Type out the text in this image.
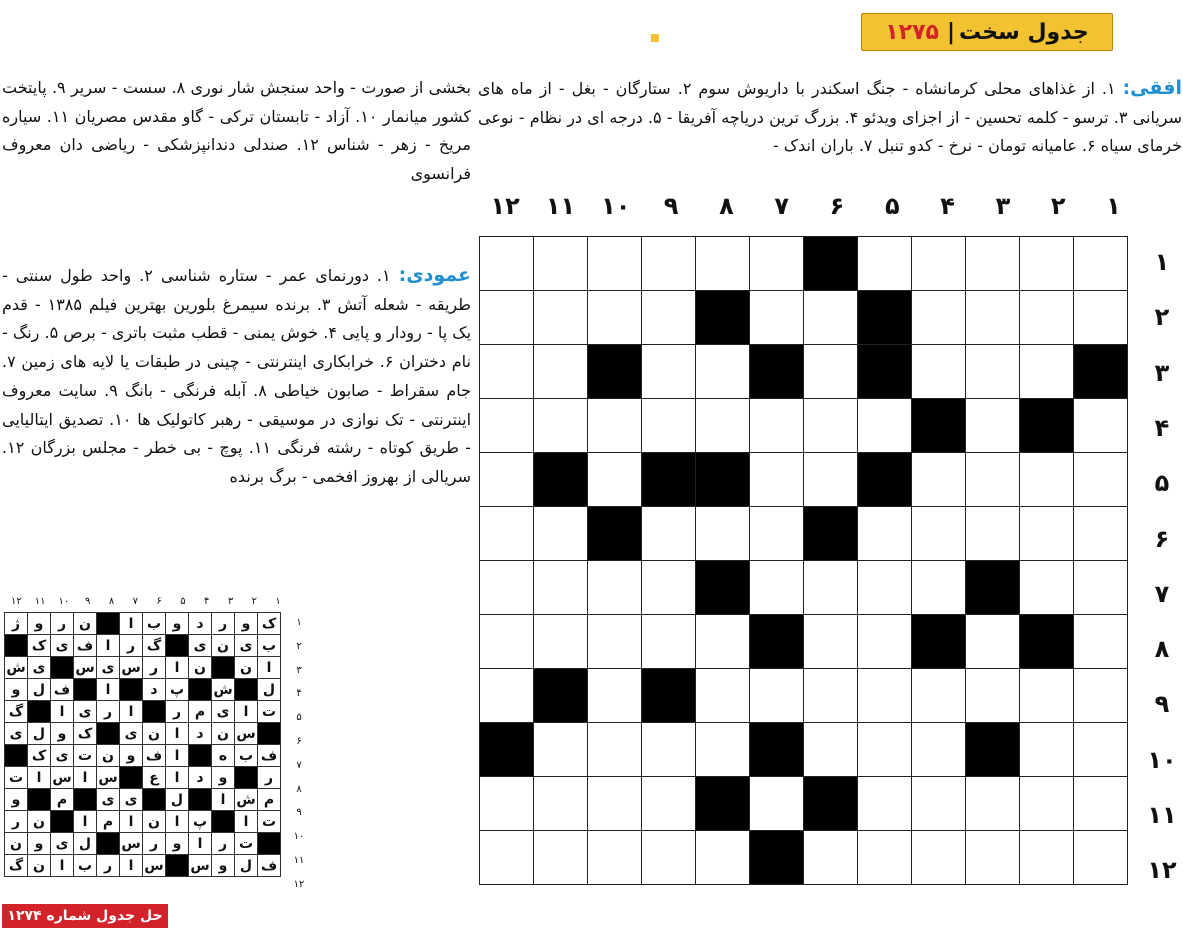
جدول سخت
|
۱۲۷۵
افقی: ۱. از غذاهای محلی کرمانشاه - جنگ اسکندر با داریوش سوم ۲. ستارگان - بغل - از ماه های سریانی ۳. ترسو - کلمه تحسین - از اجزای ویدئو ۴. بزرگ ترین دریاچه آفریقا - ۵. درجه ای در نظام - نوعی خرمای سیاه ۶. عامیانه تومان - نرخ - کدو تنبل ۷. باران اندک -
بخشی از صورت - واحد سنجش شار نوری ۸. سست - سریر ۹. پایتخت کشور میانمار ۱۰. آزاد - تابستان ترکی - گاو مقدس مصریان ۱۱. سیاره مریخ - زهر - شناس ۱۲. صندلی دندانپزشکی - ریاضی دان معروف فرانسوی
عمودی: ۱. دورنمای عمر - ستاره شناسی ۲. واحد طول سنتی - طریقه - شعله آتش ۳. برنده سیمرغ بلورین بهترین فیلم ۱۳۸۵ - قدم یک پا - رودار و پایی ۴. خوش یمنی - قطب مثبت باتری - برص ۵. رنگ - نام دختران ۶. خرابکاری اینترنتی - چینی در طبقات یا لایه های زمین ۷. جام سقراط - صابون خیاطی ۸. آبله فرنگی - بانگ ۹. سایت معروف اینترنتی - تک نوازی در موسیقی - رهبر کاتولیک ها ۱۰. تصدیق ایتالیایی - طریق کوتاه - رشته فرنگی ۱۱. پوچ - بی خطر - مجلس بزرگان ۱۲. سریالی از بهروز افخمی - برگ برنده
۱
۲
۳
۴
۵
۶
۷
۸
۹
۱۰
۱۱
۱۲
۱
۲
۳
۴
۵
۶
۷
۸
۹
۱۰
۱۱
۱۲

۱
۲
۳
۴
۵
۶
۷
۸
۹
۱۰
۱۱
۱۲
ک	و	ر	د	و	ب	ا		ن	ر	و	ژ
ب	ی	ن	ی		گ	ر	ا	ف	ی	ک	
ا	ن		ن	ا	ر	س	ی	س		ی	ش
ل		ش		پ	د		ا		ف	ل	و
ت	ا	ی	م	ر		ا	ر	ی	ا		گ
	س	ن	د	ا	ن	ی		ک	و	ل	ی
ف	ب	ه		ا	ف	و	ن	ت	ی	ک	
ر		و	د	ا	ع		س	ا	س	ا	ت
م	ش	ا		ل		ی	ی		م		و
ت	ا		پ	ا	ن	ا	م	ا		ن	ر
	ت	ر	ا	و	ر	س		ل	ی	و	ن
ف	ل	و	س		س	ا	ر	ب	ا	ن	گ
۱
۲
۳
۴
۵
۶
۷
۸
۹
۱۰
۱۱
۱۲
حل جدول شماره ۱۲۷۴
